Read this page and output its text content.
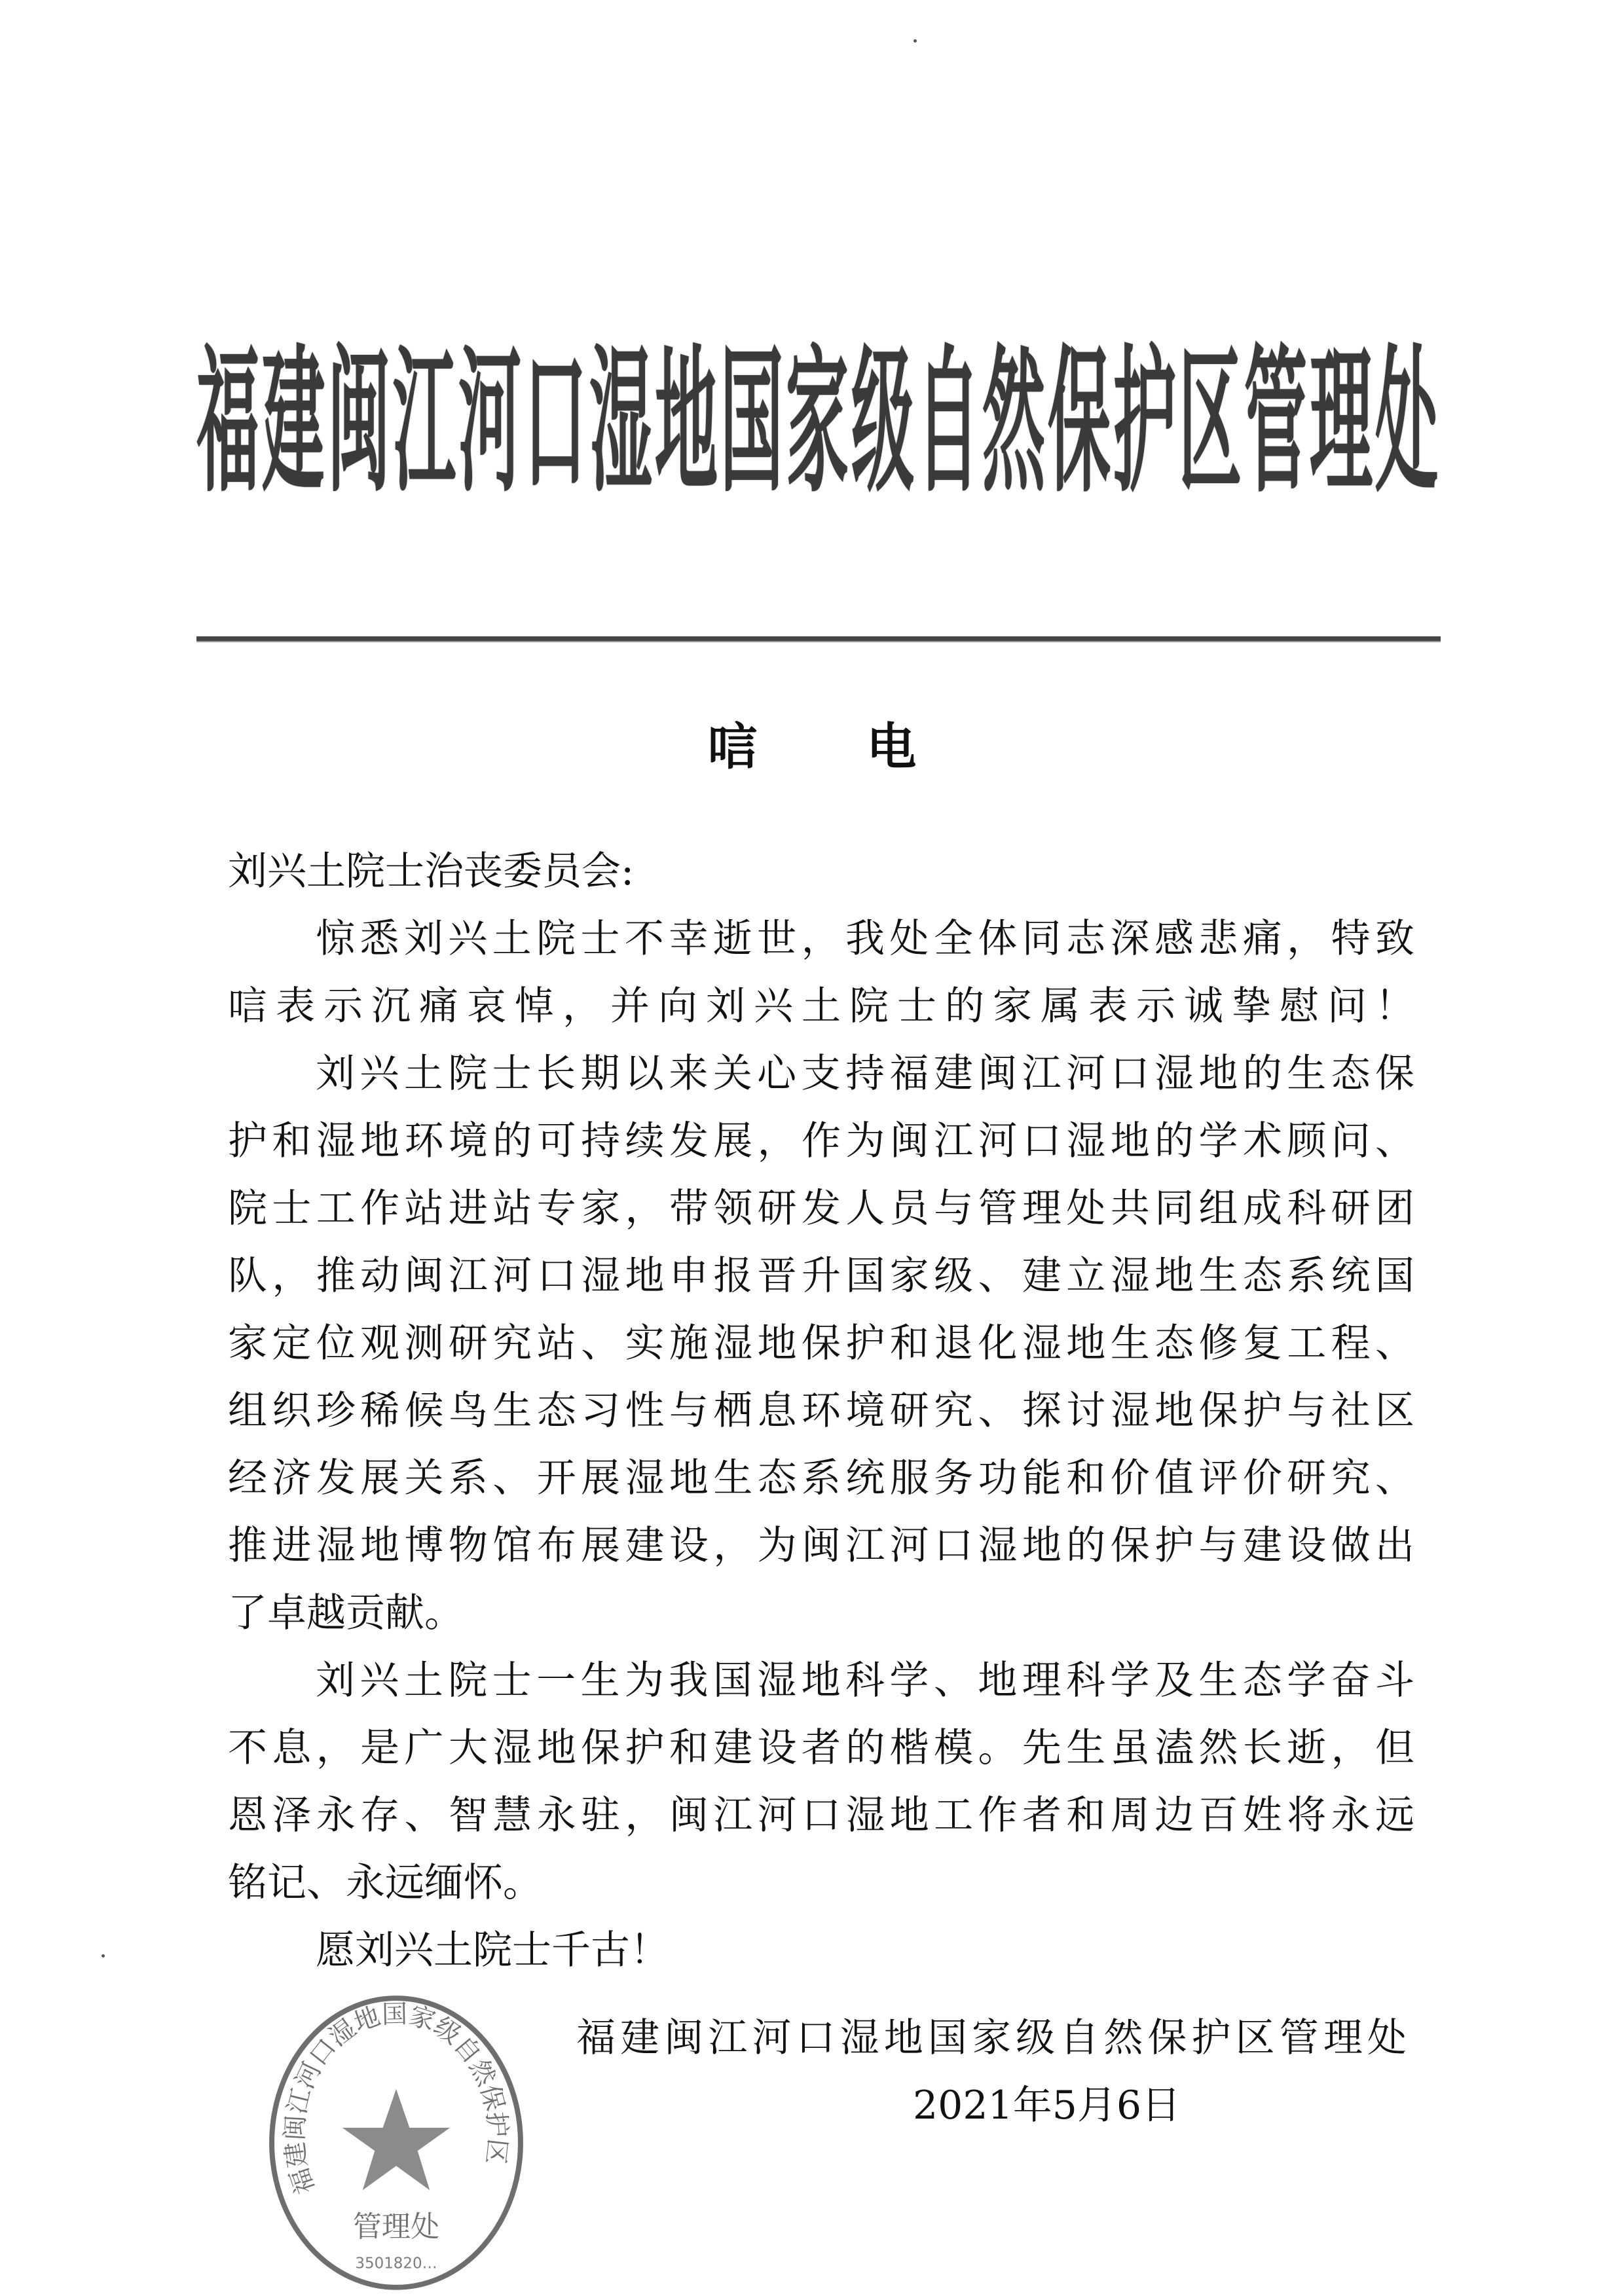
福建闽江河口湿地国家级自然保护区管理处
唁 电
刘兴土院士治丧委员会:
惊悉刘兴土院士不幸逝世，我处全体同志深感悲痛，特致
唁表示沉痛哀悼，并向刘兴土院士的家属表示诚挚慰问！
刘兴土院士长期以来关心支持福建闽江河口湿地的生态保
护和湿地环境的可持续发展，作为闽江河口湿地的学术顾问、
院士工作站进站专家，带领研发人员与管理处共同组成科研团
队，推动闽江河口湿地申报晋升国家级、建立湿地生态系统国
家定位观测研究站、实施湿地保护和退化湿地生态修复工程、
组织珍稀候鸟生态习性与栖息环境研究、探讨湿地保护与社区
经济发展关系、开展湿地生态系统服务功能和价值评价研究、
推进湿地博物馆布展建设，为闽江河口湿地的保护与建设做出
了卓越贡献。
刘兴土院士一生为我国湿地科学、地理科学及生态学奋斗
不息，是广大湿地保护和建设者的楷模。先生虽溘然长逝，但
恩泽永存、智慧永驻，闽江河口湿地工作者和周边百姓将永远
铭记、永远缅怀。
愿刘兴土院士千古！
福建闽江河口湿地国家级自然保护区
管理处
3501820…
福建闽江河口湿地国家级自然保护区管理处
2021年5月6日
